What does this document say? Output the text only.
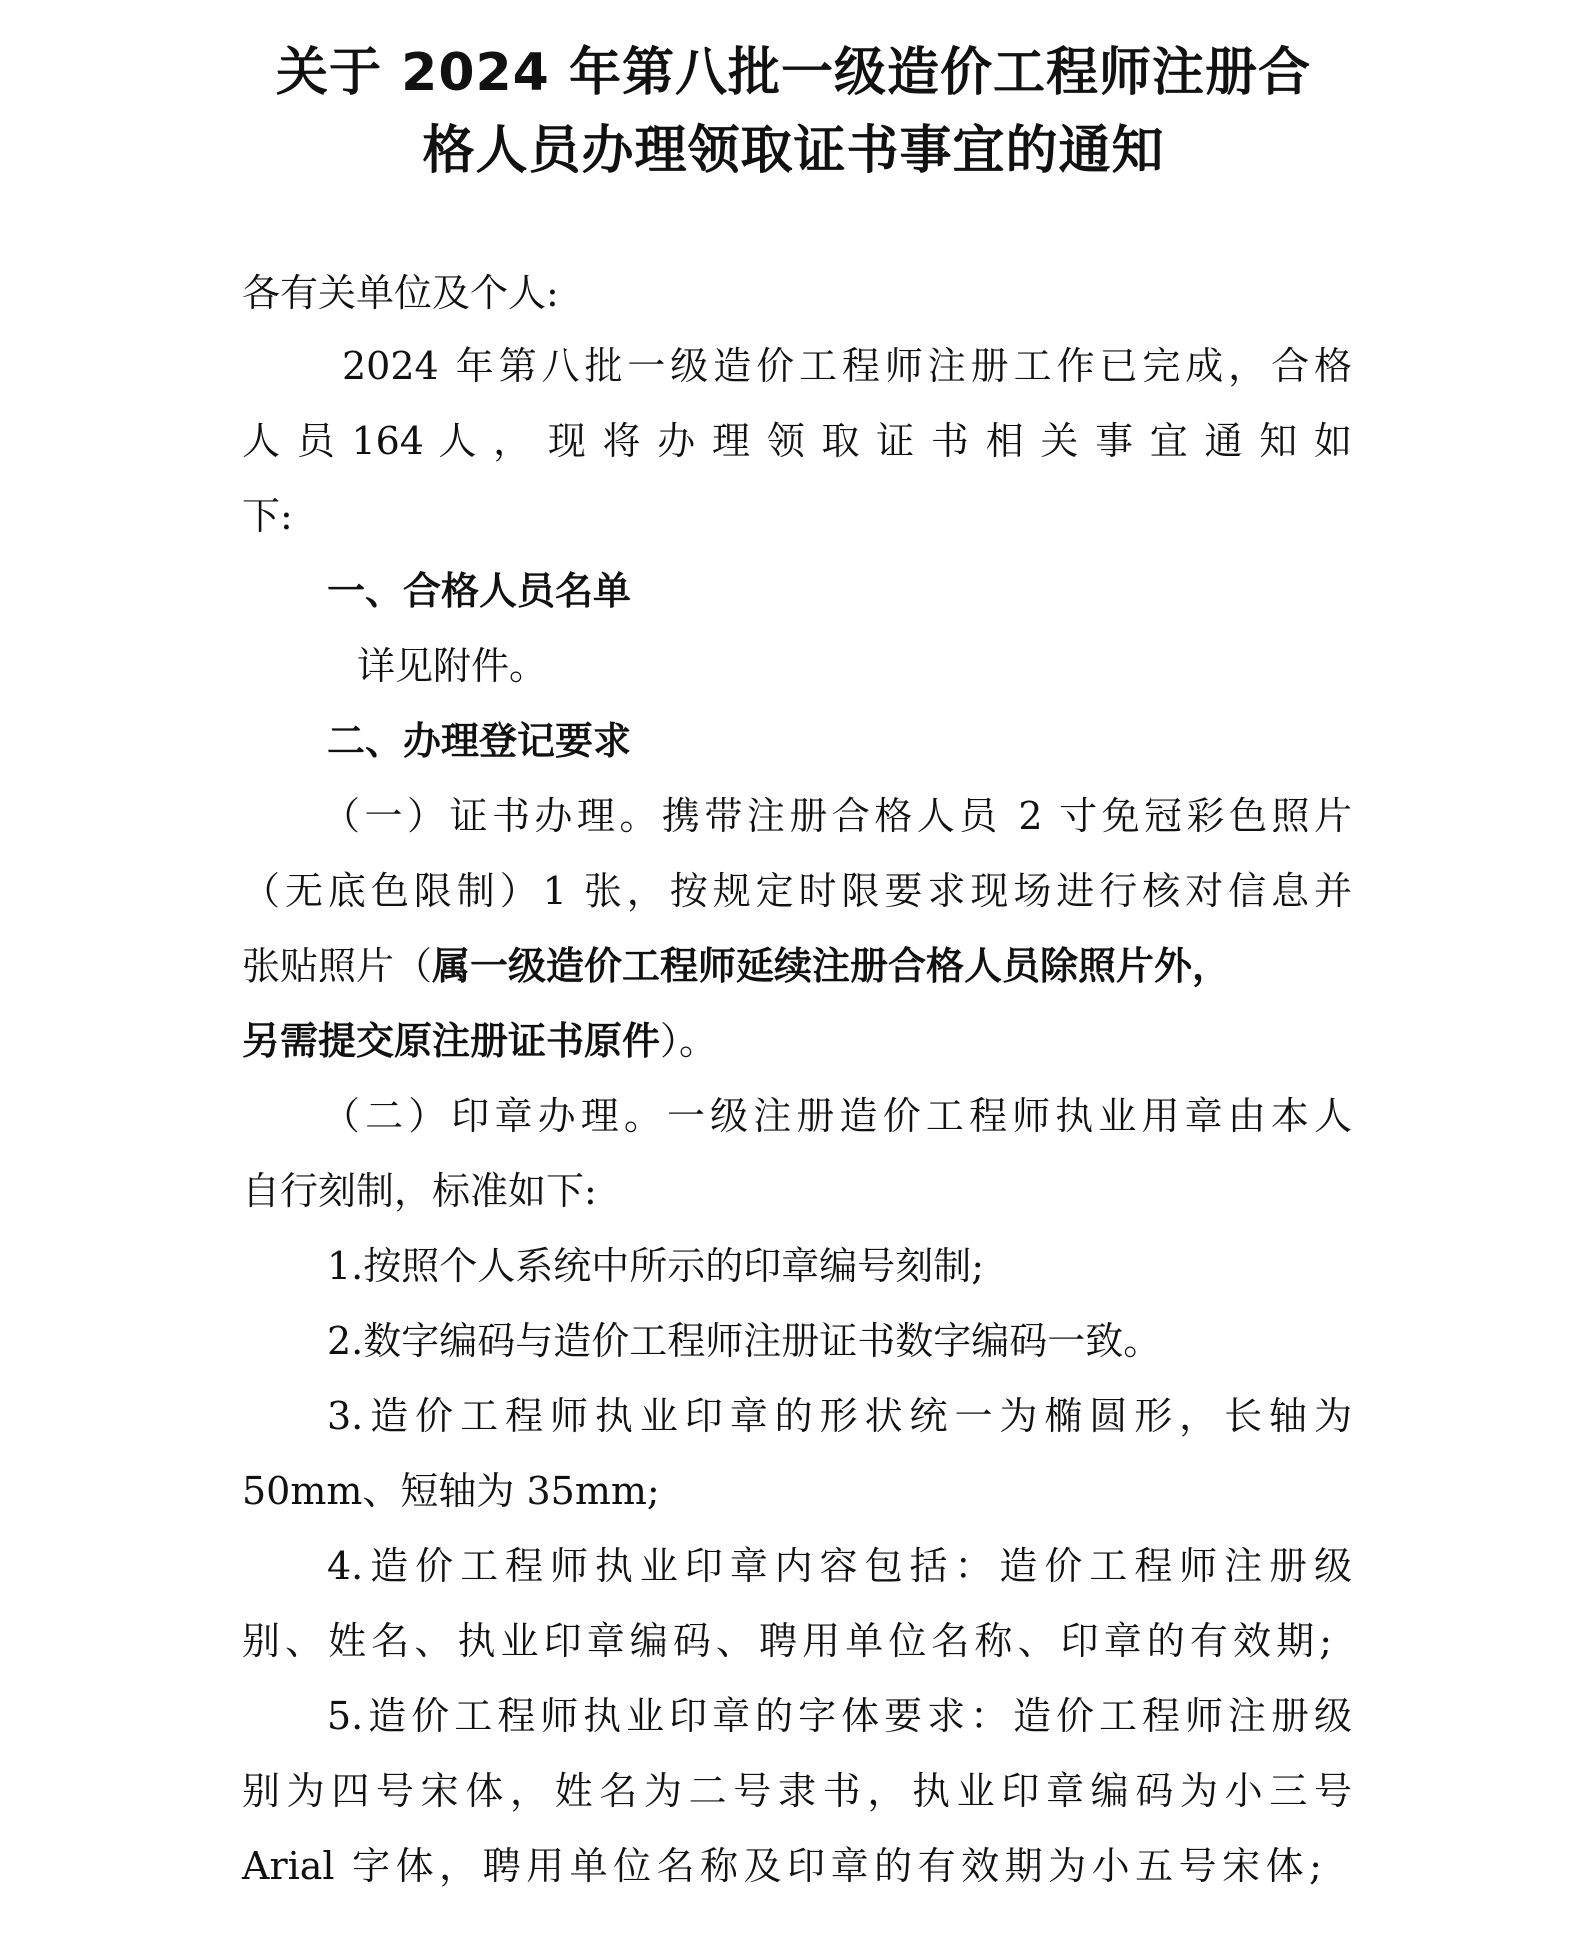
关于 2024 年第八批一级造价工程师注册合
格人员办理领取证书事宜的通知
各有关单位及个人:
2024 年第八批一级造价工程师注册工作已完成，合格
人 员 164 人 ， 现 将 办 理 领 取 证 书 相 关 事 宜 通 知 如
下:
一、合格人员名单
详见附件。
二、办理登记要求
（一）证书办理。携带注册合格人员 2 寸免冠彩色照片
（无底色限制）1 张，按规定时限要求现场进行核对信息并
张贴照片（属一级造价工程师延续注册合格人员除照片外，
另需提交原注册证书原件）。
（二）印章办理。一级注册造价工程师执业用章由本人
自行刻制，标准如下:
1.按照个人系统中所示的印章编号刻制;
2.数字编码与造价工程师注册证书数字编码一致。
3.造价工程师执业印章的形状统一为椭圆形，长轴为
50mm、短轴为 35mm;
4.造价工程师执业印章内容包括：造价工程师注册级
别、姓名、执业印章编码、聘用单位名称、印章的有效期;
5.造价工程师执业印章的字体要求：造价工程师注册级
别为四号宋体，姓名为二号隶书，执业印章编码为小三号
Arial 字体，聘用单位名称及印章的有效期为小五号宋体;
